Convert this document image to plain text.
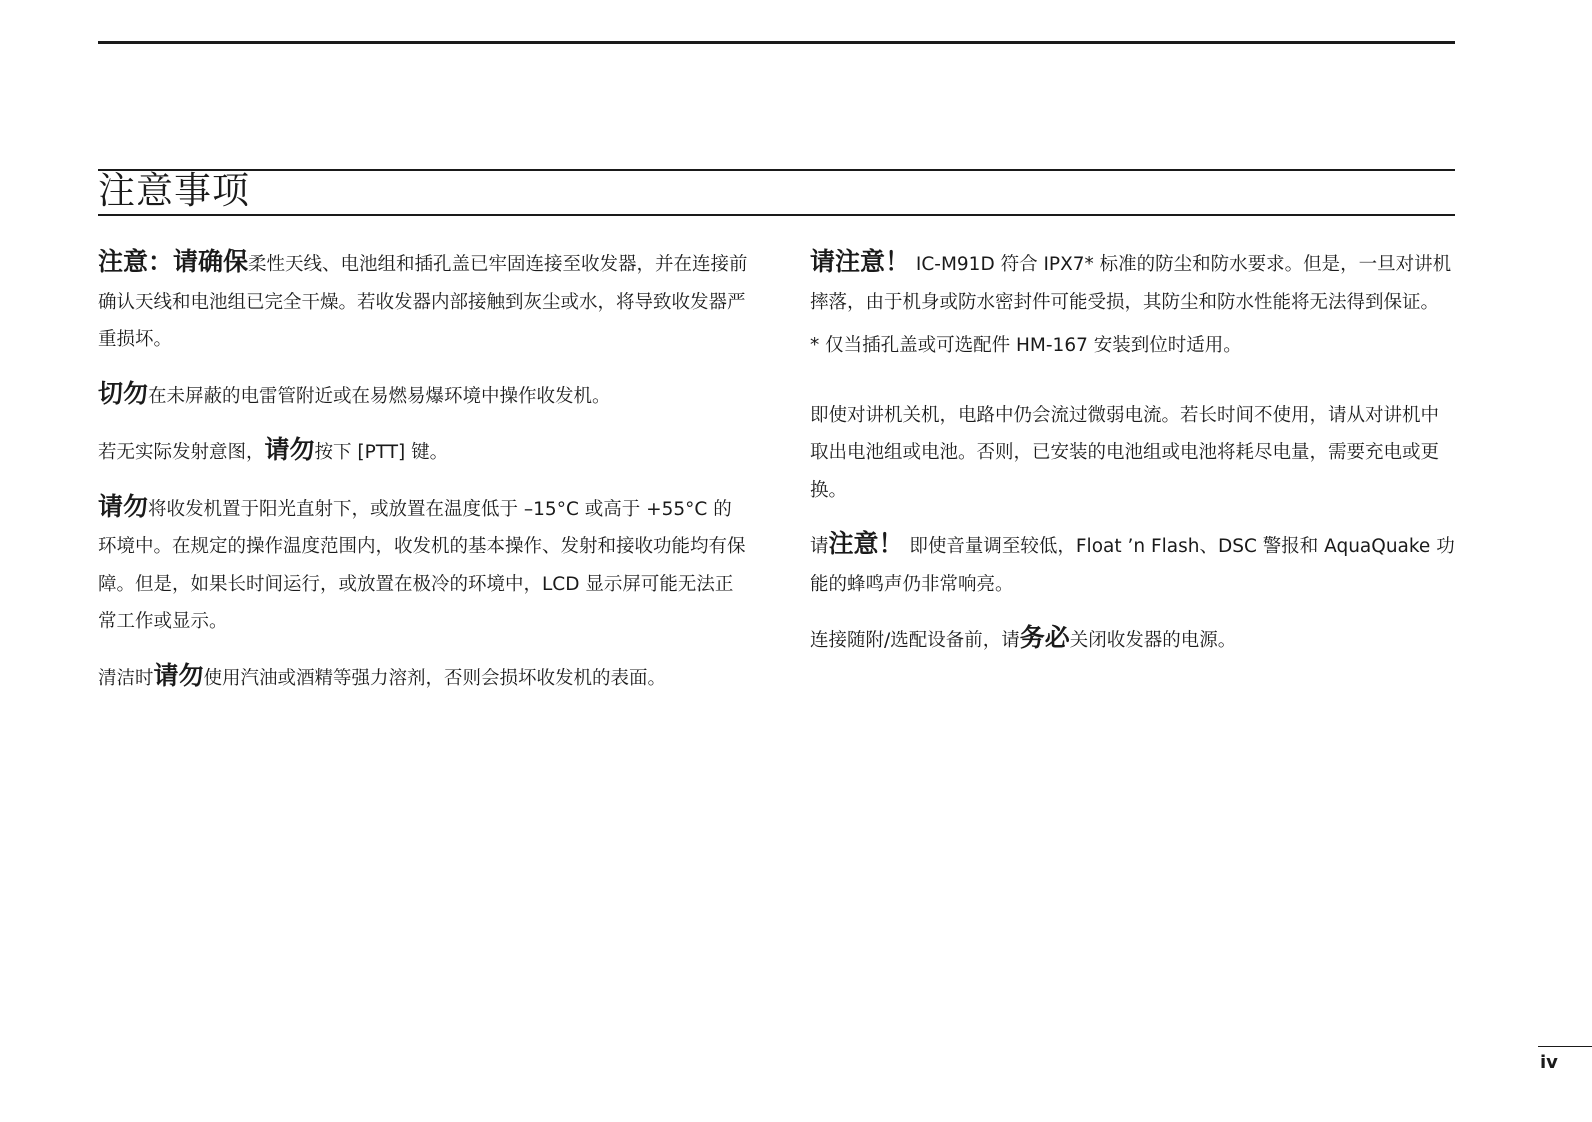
注意事项

注意：请确保柔性天线、电池组和插孔盖已牢固连接至收发器，并在连接前确认天线和电池组已完全干燥。若收发器内部接触到灰尘或水，将导致收发器严重损坏。

切勿在未屏蔽的电雷管附近或在易燃易爆环境中操作收发机。

若无实际发射意图，请勿按下 [PTT] 键。

请勿将收发机置于阳光直射下，或放置在温度低于 –15°C 或高于 +55°C 的环境中。在规定的操作温度范围内，收发机的基本操作、发射和接收功能均有保障。但是，如果长时间运行，或放置在极冷的环境中，LCD 显示屏可能无法正常工作或显示。

清洁时请勿使用汽油或酒精等强力溶剂，否则会损坏收发机的表面。

请注意！ IC-M91D 符合 IPX7* 标准的防尘和防水要求。但是，一旦对讲机摔落，由于机身或防水密封件可能受损，其防尘和防水性能将无法得到保证。

* 仅当插孔盖或可选配件 HM-167 安装到位时适用。

即使对讲机关机，电路中仍会流过微弱电流。若长时间不使用，请从对讲机中取出电池组或电池。否则，已安装的电池组或电池将耗尽电量，需要充电或更换。

请注意！ 即使音量调至较低，Float ’n Flash、DSC 警报和 AquaQuake 功能的蜂鸣声仍非常响亮。

连接随附/选配设备前，请务必关闭收发器的电源。

iv
